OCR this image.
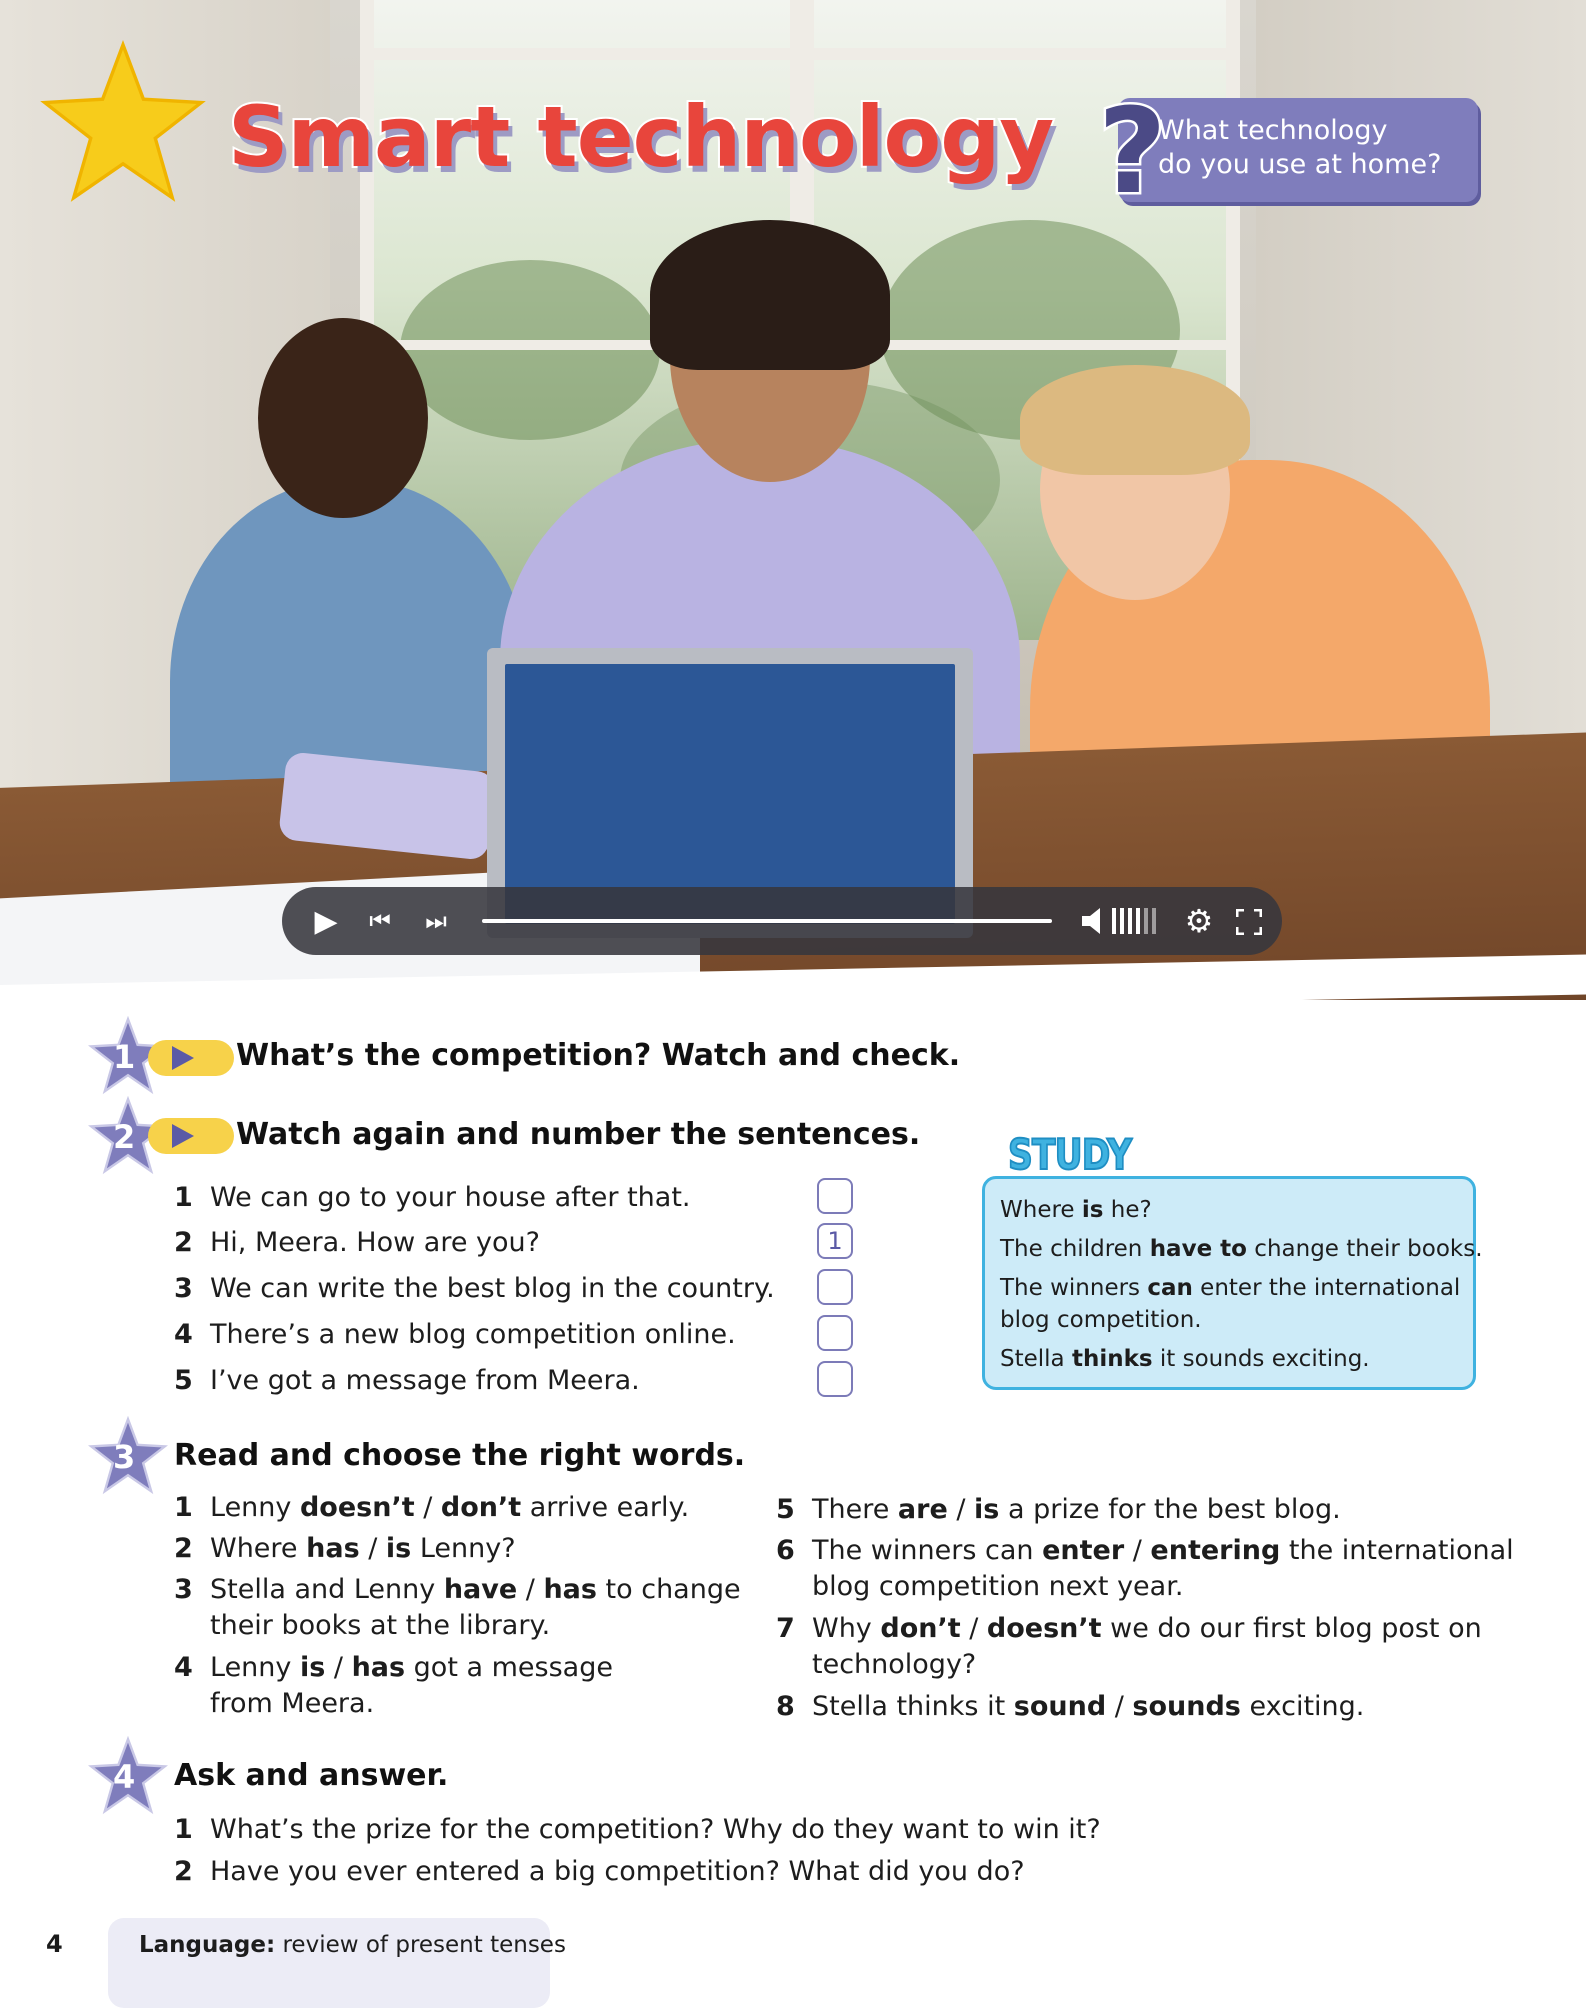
Smart technology ?
What technology
do you use at home?
▶	⏮	⏭	⚙
1	What’s the competition? Watch and check.
2	Watch again and number the sentences.
1 We can go to your house after that.
2 Hi, Meera. How are you?
3 We can write the best blog in the country.
4 There’s a new blog competition online.
5 I’ve got a message from Meera.
1
STUDY
Where is he?
The children have to change their books.
The winners can enter the international
blog competition.
Stella thinks it sounds exciting.
3 Read and choose the right words.
1 Lenny doesn’t / don’t arrive early.
2 Where has / is Lenny?
3 Stella and Lenny have / has to change
their books at the library.
4 Lenny is / has got a message
from Meera.
5 There are / is a prize for the best blog.
6 The winners can enter / entering the international
blog competition next year.
7 Why don’t / doesn’t we do our first blog post on
technology?
8 Stella thinks it sound / sounds exciting.
4 Ask and answer.
1 What’s the prize for the competition? Why do they want to win it?
2 Have you ever entered a big competition? What did you do?
4	Language: review of present tenses
